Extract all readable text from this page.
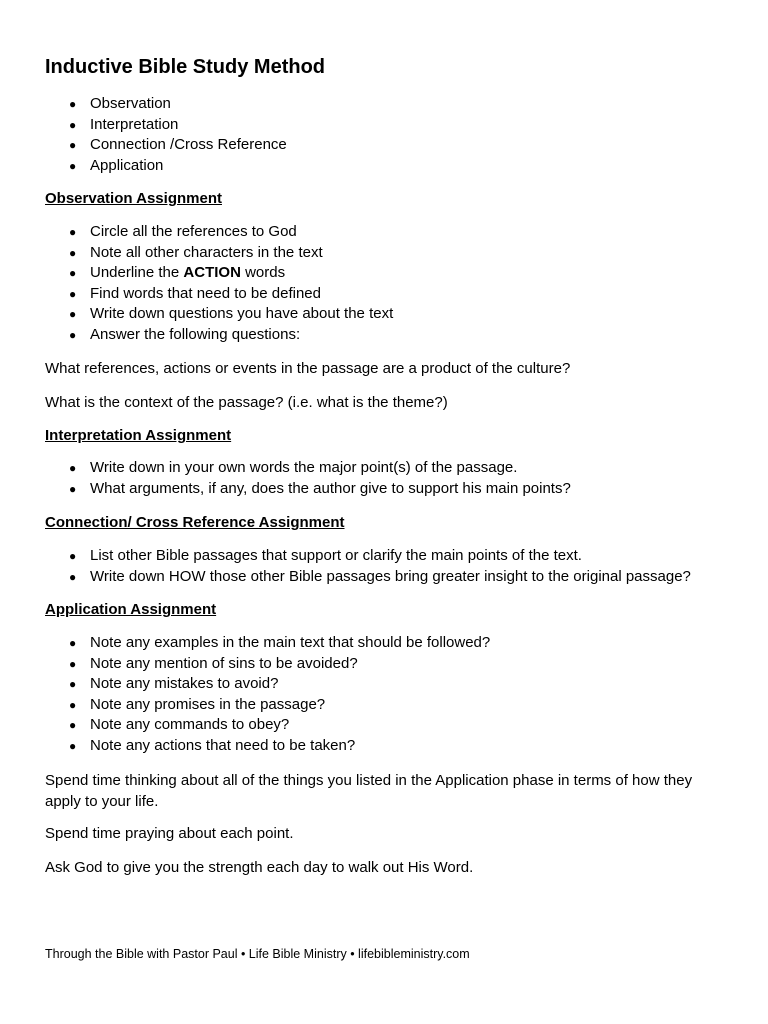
Inductive Bible Study Method
● Observation
● Interpretation
● Connection /Cross Reference
● Application
Observation Assignment
● Circle all the references to God
● Note all other characters in the text
● Underline the ACTION words
● Find words that need to be defined
● Write down questions you have about the text
● Answer the following questions:

What references, actions or events in the passage are a product of the culture?

What is the context of the passage? (i.e. what is the theme?)

Interpretation Assignment
● Write down in your own words the major point(s) of the passage.
● What arguments, if any, does the author give to support his main points?
Connection/ Cross Reference Assignment
● List other Bible passages that support or clarify the main points of the text.
● Write down HOW those other Bible passages bring greater insight to the original passage?
Application Assignment
● Note any examples in the main text that should be followed?
● Note any mention of sins to be avoided?
● Note any mistakes to avoid?
● Note any promises in the passage?
● Note any commands to obey?
● Note any actions that need to be taken?

Spend time thinking about all of the things you listed in the Application phase in terms of how they apply to your life.

Spend time praying about each point.

Ask God to give you the strength each day to walk out His Word.

Through the Bible with Pastor Paul • Life Bible Ministry • lifebibleministry.com
